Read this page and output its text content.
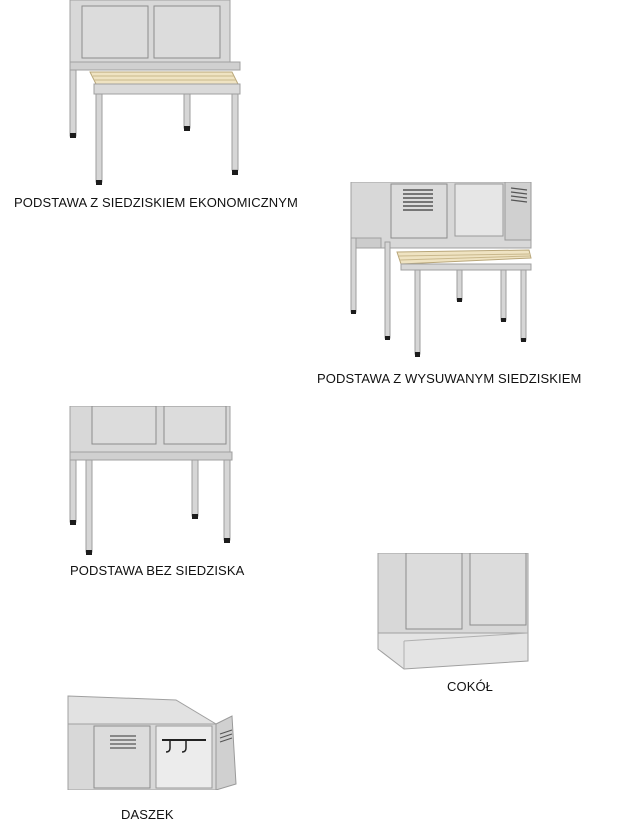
PODSTAWA Z SIEDZISKIEM EKONOMICZNYM
PODSTAWA Z WYSUWANYM SIEDZISKIEM
PODSTAWA BEZ SIEDZISKA
COKÓŁ
DASZEK
